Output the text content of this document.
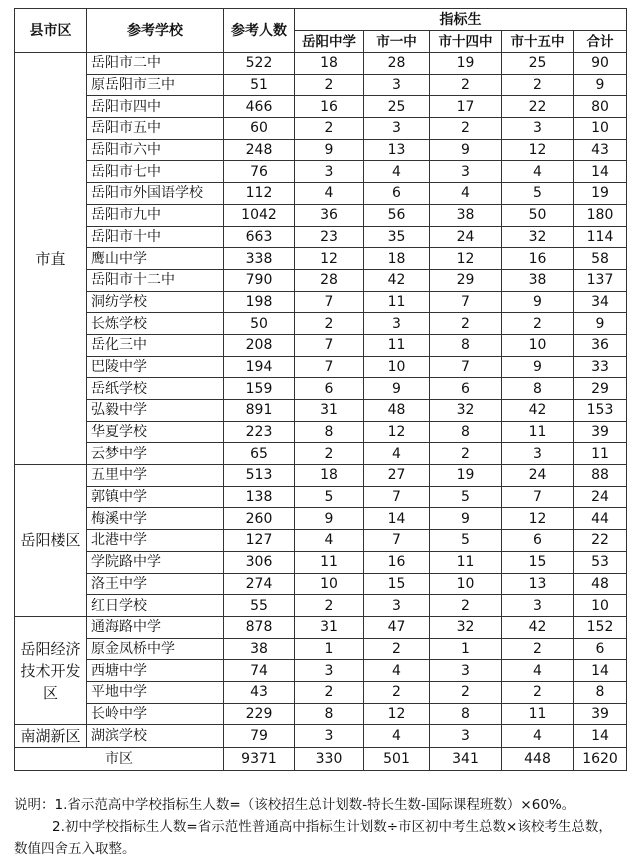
县市区	参考学校	参考人数	指标生				
			岳阳中学	市一中	市十四中	市十五中	合计
市直	岳阳市二中	522	18	28	19	25	90
	原岳阳市三中	51	2	3	2	2	9
	岳阳市四中	466	16	25	17	22	80
	岳阳市五中	60	2	3	2	3	10
	岳阳市六中	248	9	13	9	12	43
	岳阳市七中	76	3	4	3	4	14
	岳阳市外国语学校	112	4	6	4	5	19
	岳阳市九中	1042	36	56	38	50	180
	岳阳市十中	663	23	35	24	32	114
	鹰山中学	338	12	18	12	16	58
	岳阳市十二中	790	28	42	29	38	137
	洞纺学校	198	7	11	7	9	34
	长炼学校	50	2	3	2	2	9
	岳化三中	208	7	11	8	10	36
	巴陵中学	194	7	10	7	9	33
	岳纸学校	159	6	9	6	8	29
	弘毅中学	891	31	48	32	42	153
	华夏学校	223	8	12	8	11	39
	云梦中学	65	2	4	2	3	11
岳阳楼区	五里中学	513	18	27	19	24	88
	郭镇中学	138	5	7	5	7	24
	梅溪中学	260	9	14	9	12	44
	北港中学	127	4	7	5	6	22
	学院路中学	306	11	16	11	15	53
	洛王中学	274	10	15	10	13	48
	红日学校	55	2	3	2	3	10

岳阳经济
技术开发
区	通海路中学	878	31	47	32	42	152
	原金凤桥中学	38	1	2	1	2	6
	西塘中学	74	3	4	3	4	14
	平地中学	43	2	2	2	2	8
	长岭中学	229	8	12	8	11	39
南湖新区	湖滨学校	79	3	4	3	4	14
市区		9371	330	501	341	448	1620

说明：1.省示范高中学校指标生人数=（该校招生总计划数-特长生数-国际课程班数）×60%。

2.初中学校指标生人数=省示范性普通高中指标生计划数÷市区初中考生总数×该校考生总数，

数值四舍五入取整。
